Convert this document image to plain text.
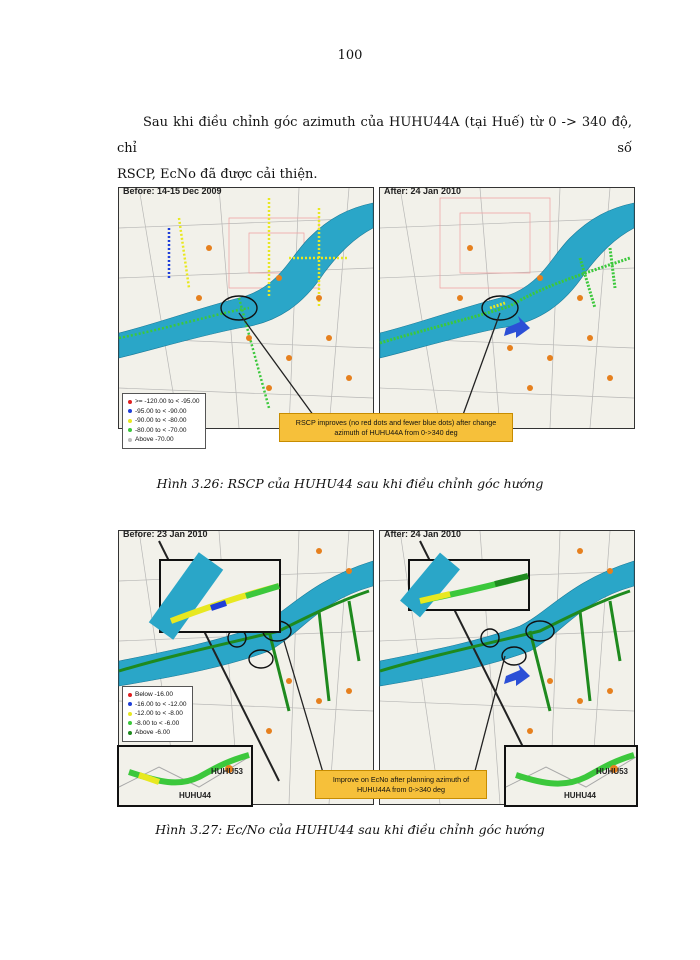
100
Sau khi điều chỉnh góc azimuth của HUHU44A (tại Huế) từ 0 -> 340 độ, chỉ số
RSCP, EcNo đã được cải thiện.
Before: 14-15 Dec 2009
>= -120.00 to < -95.00
-95.00 to < -90.00
-90.00 to < -80.00
-80.00 to < -70.00
Above -70.00
After: 24 Jan 2010
RSCP improves (no red dots and fewer blue dots) after change azimuth of HUHU44A from 0->340 deg
Hình 3.26: RSCP của HUHU44 sau khi điều chỉnh góc hướng
Before: 23 Jan 2010
Below -16.00
-16.00 to < -12.00
-12.00 to < -8.00
-8.00 to < -6.00
Above -6.00
HUHU53
HUHU44
After: 24 Jan 2010
HUHU53
HUHU44
Improve on EcNo after planning azimuth of HUHU44A from 0->340 deg
Hình 3.27: Ec/No của HUHU44 sau khi điều chỉnh góc hướng
